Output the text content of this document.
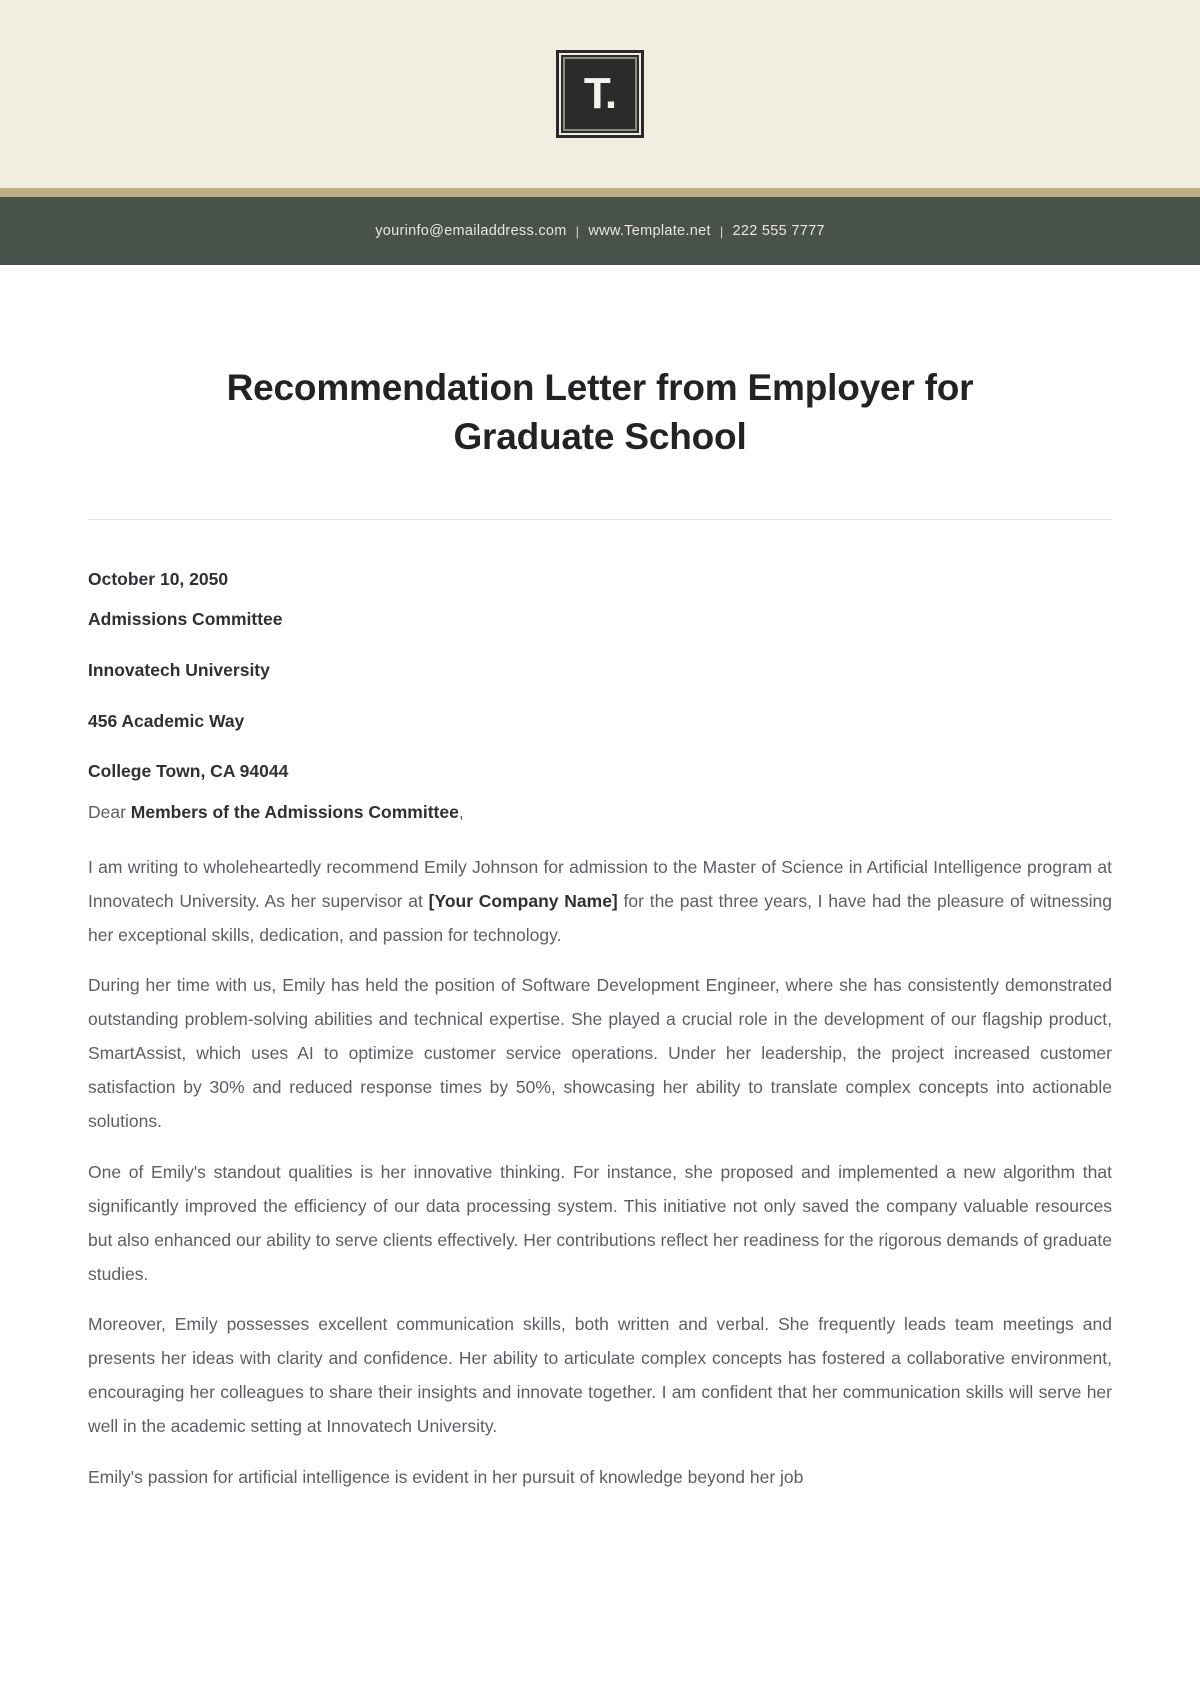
T.
yourinfo@emailaddress.com | www.Template.net | 222 555 7777
Recommendation Letter from Employer for Graduate School

October 10, 2050

Admissions Committee

Innovatech University

456 Academic Way

College Town, CA 94044

Dear Members of the Admissions Committee,

I am writing to wholeheartedly recommend Emily Johnson for admission to the Master of Science in Artificial Intelligence program at Innovatech University. As her supervisor at [Your Company Name] for the past three years, I have had the pleasure of witnessing her exceptional skills, dedication, and passion for technology.

During her time with us, Emily has held the position of Software Development Engineer, where she has consistently demonstrated outstanding problem-solving abilities and technical expertise. She played a crucial role in the development of our flagship product, SmartAssist, which uses AI to optimize customer service operations. Under her leadership, the project increased customer satisfaction by 30% and reduced response times by 50%, showcasing her ability to translate complex concepts into actionable solutions.

One of Emily's standout qualities is her innovative thinking. For instance, she proposed and implemented a new algorithm that significantly improved the efficiency of our data processing system. This initiative not only saved the company valuable resources but also enhanced our ability to serve clients effectively. Her contributions reflect her readiness for the rigorous demands of graduate studies.

Moreover, Emily possesses excellent communication skills, both written and verbal. She frequently leads team meetings and presents her ideas with clarity and confidence. Her ability to articulate complex concepts has fostered a collaborative environment, encouraging her colleagues to share their insights and innovate together. I am confident that her communication skills will serve her well in the academic setting at Innovatech University.

Emily's passion for artificial intelligence is evident in her pursuit of knowledge beyond her job
